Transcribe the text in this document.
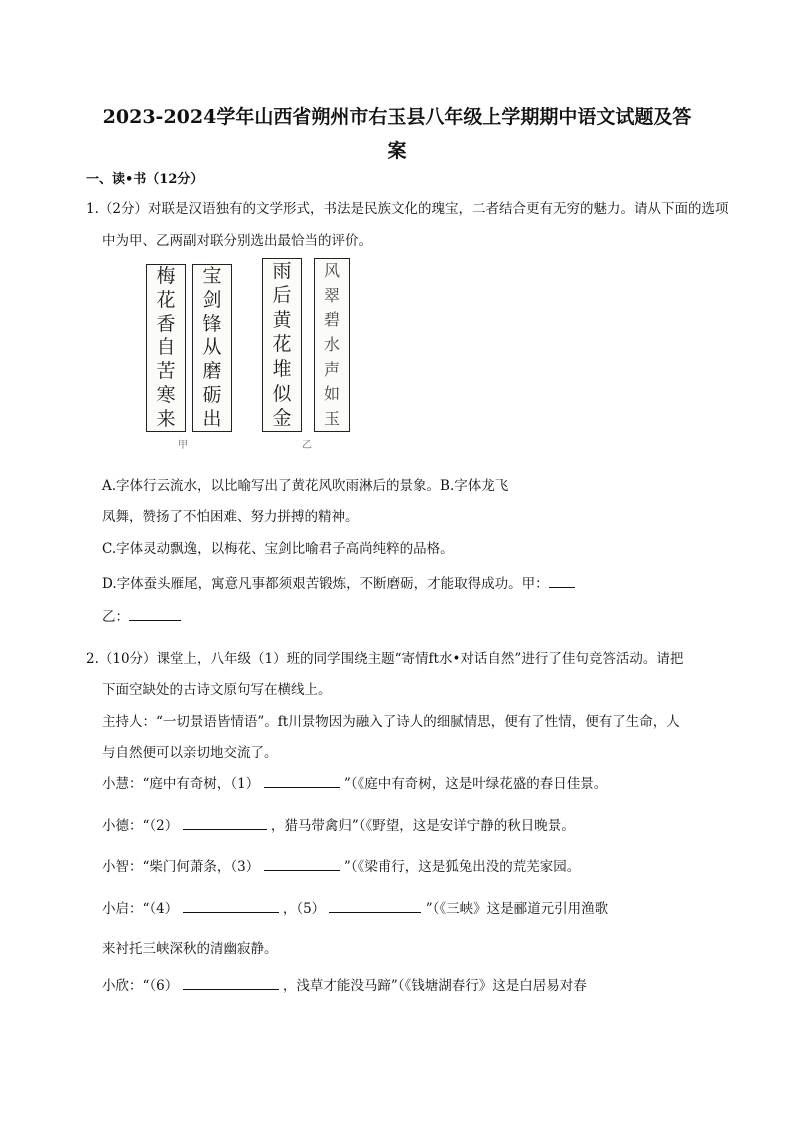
2023-2024学年山西省朔州市右玉县八年级上学期期中语文试题及答
案
一、读•书（12分）
1.（2分）对联是汉语独有的文学形式，书法是民族文化的瑰宝，二者结合更有无穷的魅力。请从下面的选项
中为甲、乙两副对联分别选出最恰当的评价。
梅
花
香
自
苦
寒
来
宝
剑
锋
从
磨
砺
出
雨
后
黄
花
堆
似
金
风
翠
碧
水
声
如
玉
甲	乙
A.字体行云流水，以比喻写出了黄花风吹雨淋后的景象。B.字体龙飞
凤舞，赞扬了不怕困难、努力拼搏的精神。
C.字体灵动飘逸，以梅花、宝剑比喻君子高尚纯粹的品格。
D.字体蚕头雁尾，寓意凡事都须艰苦锻炼，不断磨砺，才能取得成功。甲：
乙：
2.（10分）课堂上，八年级（1）班的同学围绕主题“寄情ft水•对话自然”进行了佳句竞答活动。请把
下面空缺处的古诗文原句写在横线上。
主持人：“一切景语皆情语”。ft川景物因为融入了诗人的细腻情思，便有了性情，便有了生命，人
与自然便可以亲切地交流了。
小慧：“庭中有奇树，（1）	”（《庭中有奇树，这是叶绿花盛的春日佳景。
小德：“（2）	，猎马带禽归”（《野望，这是安详宁静的秋日晚景。
小智：“柴门何萧条，（3）	”（《梁甫行，这是狐兔出没的荒芜家园。
小启：“（4）	，（5）	”（《三峡》这是郦道元引用渔歌
来衬托三峡深秋的清幽寂静。
小欣：“（6）	，浅草才能没马蹄”（《钱塘湖春行》这是白居易对春
